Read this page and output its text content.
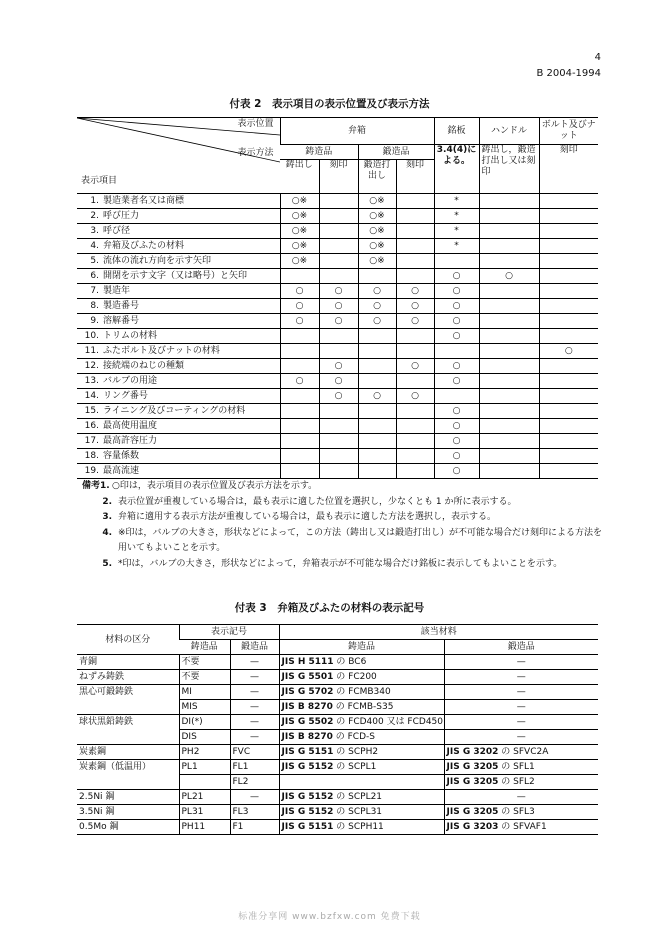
4
B 2004-1994
付表 2　表示項目の表示位置及び表示方法
表示位置
表示方法
表示項目	弁箱				銘板	ハンドル	ボルト及びナット
	鋳造品		鍛造品		3.4(4)による。	鋳出し，鍛造打出し又は刻印	刻印
	鋳出し	刻印	鍛造打出し	刻印			
1. 製造業者名又は商標	○※		○※		*		
2. 呼び圧力	○※		○※		*		
3. 呼び径	○※		○※		*		
4. 弁箱及びふたの材料	○※		○※		*		
5. 流体の流れ方向を示す矢印	○※		○※				
6. 開閉を示す文字（又は略号）と矢印					○	○	
7. 製造年	○	○	○	○	○		
8. 製造番号	○	○	○	○	○		
9. 溶解番号	○	○	○	○	○		
10. トリムの材料					○		
11. ふたボルト及びナットの材料							○
12. 接続端のねじの種類		○		○	○		
13. バルブの用途	○	○			○		
14. リング番号		○	○	○			
15. ライニング及びコーティングの材料					○		
16. 最高使用温度					○		
17. 最高許容圧力					○		
18. 容量係数					○		
19. 最高流速					○		
備考1. ○印は，表示項目の表示位置及び表示方法を示す。
2. 表示位置が重複している場合は，最も表示に適した位置を選択し，少なくとも 1 か所に表示する。
3. 弁箱に適用する表示方法が重複している場合は，最も表示に適した方法を選択し，表示する。
4. ※印は，バルブの大きさ，形状などによって，この方法（鋳出し又は鍛造打出し）が不可能な場合だけ刻印による方法を用いてもよいことを示す。
5. *印は，バルブの大きさ，形状などによって，弁箱表示が不可能な場合だけ銘板に表示してもよいことを示す。
付表 3　弁箱及びふたの材料の表示記号
材料の区分	表示記号		該当材料	
	鋳造品	鍛造品	鋳造品	鍛造品
青銅	不要	—	JIS H 5111 の BC6	—
ねずみ鋳鉄	不要	—	JIS G 5501 の FC200	—
黒心可鍛鋳鉄	MI	—	JIS G 5702 の FCMB340	—
	MIS	—	JIS B 8270 の FCMB-S35	—
球状黒鉛鋳鉄	DI(*)	—	JIS G 5502 の FCD400 又は FCD450	—
	DIS	—	JIS B 8270 の FCD-S	—
炭素鋼	PH2	FVC	JIS G 5151 の SCPH2	JIS G 3202 の SFVC2A
炭素鋼（低温用）	PL1	FL1	JIS G 5152 の SCPL1	JIS G 3205 の SFL1
		FL2		JIS G 3205 の SFL2
2.5Ni 鋼	PL21	—	JIS G 5152 の SCPL21	—
3.5Ni 鋼	PL31	FL3	JIS G 5152 の SCPL31	JIS G 3205 の SFL3
0.5Mo 鋼	PH11	F1	JIS G 5151 の SCPH11	JIS G 3203 の SFVAF1
标准分享网 www.bzfxw.com 免费下载
